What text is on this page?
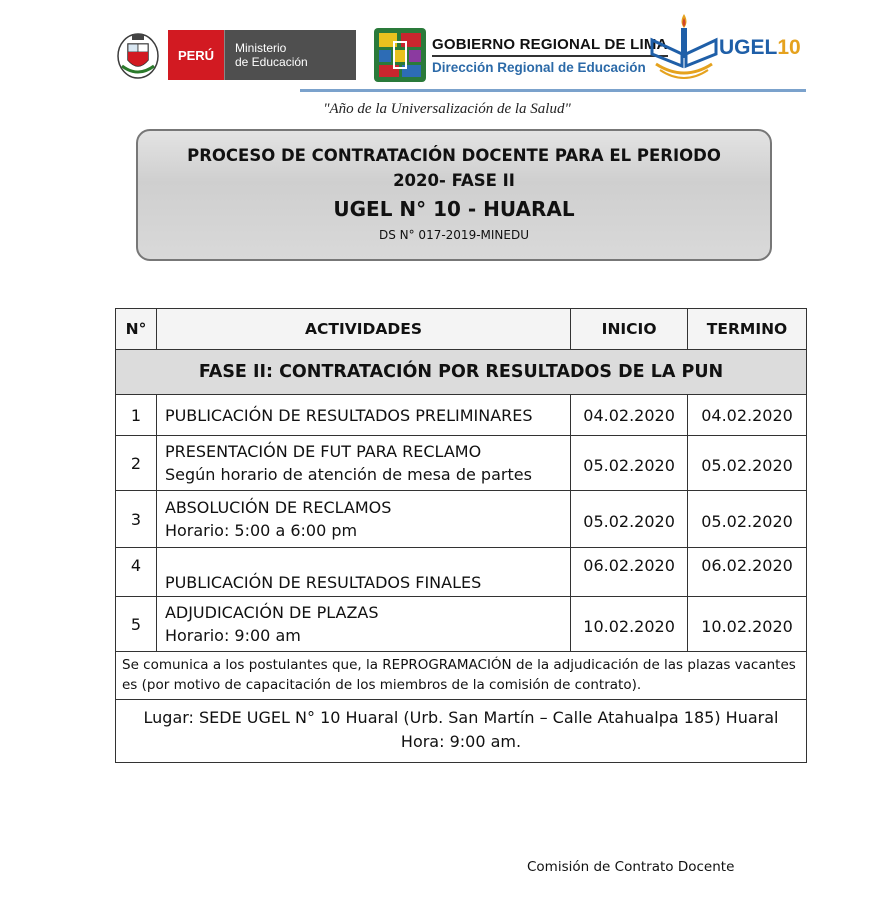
PERÚ	Ministerio
de Educación
GOBIERNO REGIONAL DE LIMA
Dirección Regional de Educación
UGEL10
"Año de la Universalización de la Salud"
PROCESO DE CONTRATACIÓN DOCENTE PARA EL PERIODO
2020- FASE II
UGEL N° 10 - HUARAL
DS N° 017-2019-MINEDU
N°	ACTIVIDADES	INICIO	TERMINO
FASE II: CONTRATACIÓN POR RESULTADOS DE LA PUN			
1	PUBLICACIÓN DE RESULTADOS PRELIMINARES	04.02.2020	04.02.2020
2	PRESENTACIÓN DE FUT PARA RECLAMO
Según horario de atención de mesa de partes	05.02.2020	05.02.2020
3	ABSOLUCIÓN DE RECLAMOS
Horario: 5:00 a 6:00 pm	05.02.2020	05.02.2020
4	PUBLICACIÓN DE RESULTADOS FINALES	06.02.2020	06.02.2020
5	ADJUDICACIÓN DE PLAZAS
Horario: 9:00 am	10.02.2020	10.02.2020
Se comunica a los postulantes que, la REPROGRAMACIÓN de la adjudicación de las plazas vacantes es (por motivo de capacitación de los miembros de la comisión de contrato).			

Lugar: SEDE UGEL N° 10 Huaral (Urb. San Martín – Calle Atahualpa 185) Huaral
Hora: 9:00 am.			
Comisión de Contrato Docente
